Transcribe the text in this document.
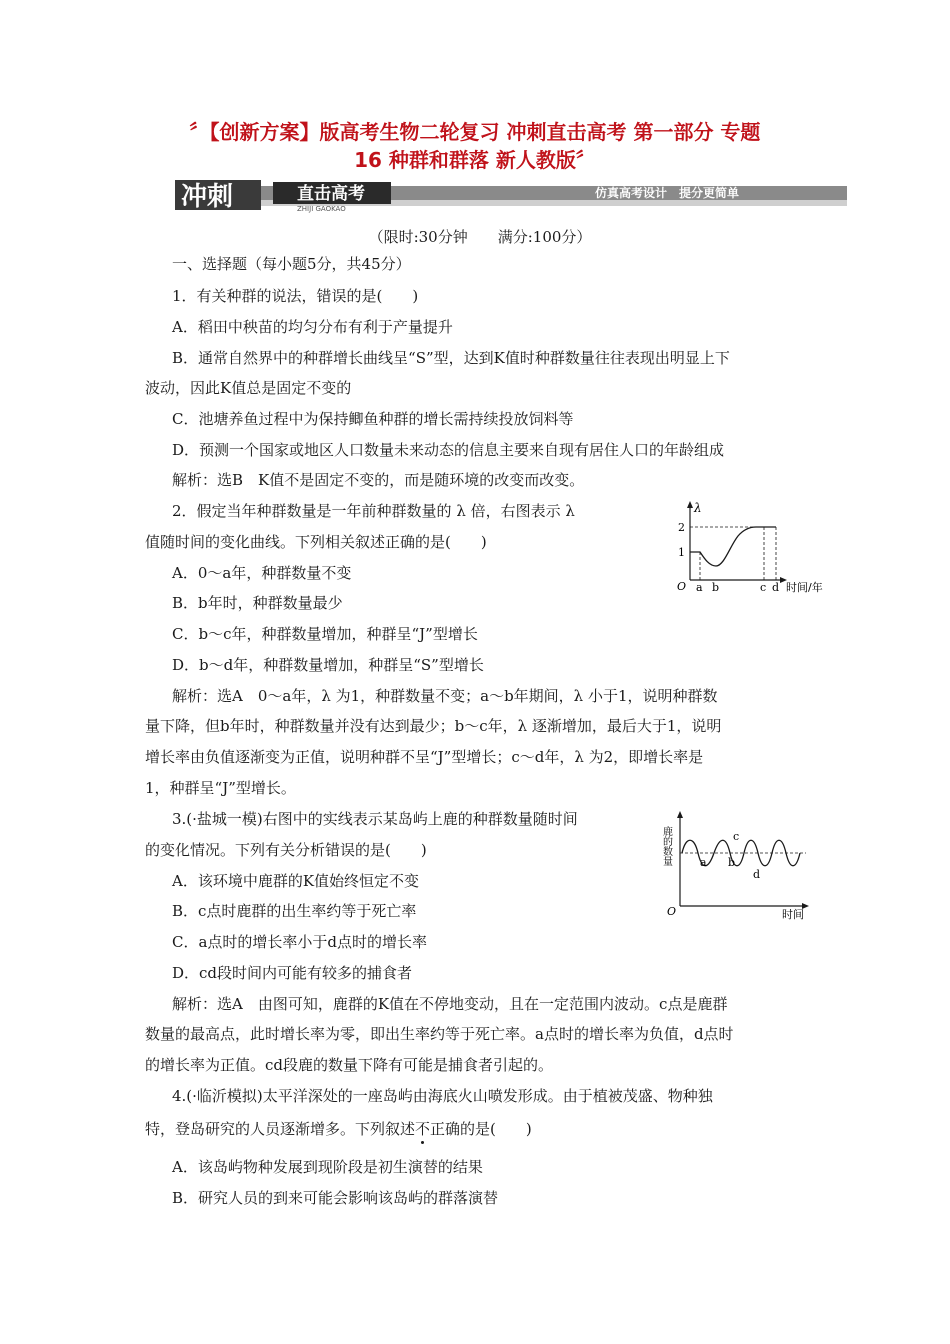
〞【创新方案】版高考生物二轮复习 冲刺直击高考 第一部分 专题
16 种群和群落 新人教版〞
冲刺	直击高考
ZHIJI GAOKAO
仿真高考设计　提分更简单
（限时:30分钟　　满分:100分）
一、选择题（每小题5分，共45分）
1．有关种群的说法，错误的是(　　)
A．稻田中秧苗的均匀分布有利于产量提升
B．通常自然界中的种群增长曲线呈“S”型，达到K值时种群数量往往表现出明显上下
波动，因此K值总是固定不变的
C．池塘养鱼过程中为保持鲫鱼种群的增长需持续投放饲料等
D．预测一个国家或地区人口数量未来动态的信息主要来自现有居住人口的年龄组成
解析：选B　K值不是固定不变的，而是随环境的改变而改变。
2．假定当年种群数量是一年前种群数量的 λ 倍，右图表示 λ
值随时间的变化曲线。下列相关叙述正确的是(　　)
A．0～a年，种群数量不变
B．b年时，种群数量最少
C．b～c年，种群数量增加，种群呈“J”型增长
D．b～d年，种群数量增加，种群呈“S”型增长
解析：选A　0～a年，λ 为1，种群数量不变；a～b年期间，λ 小于1，说明种群数
量下降，但b年时，种群数量并没有达到最少；b～c年，λ 逐渐增加，最后大于1，说明
增长率由负值逐渐变为正值，说明种群不呈“J”型增长；c～d年，λ 为2，即增长率是
1，种群呈“J”型增长。
λ
2
1
O a b	c d 时间/年
3.(·盐城一模)右图中的实线表示某岛屿上鹿的种群数量随时间
的变化情况。下列有关分析错误的是(　　)
A．该环境中鹿群的K值始终恒定不变
B．c点时鹿群的出生率约等于死亡率
C．a点时的增长率小于d点时的增长率
D．cd段时间内可能有较多的捕食者
解析：选A　由图可知，鹿群的K值在不停地变动，且在一定范围内波动。c点是鹿群
数量的最高点，此时增长率为零，即出生率约等于死亡率。a点时的增长率为负值，d点时
的增长率为正值。cd段鹿的数量下降有可能是捕食者引起的。
鹿的数量
O	时间
a b
c
d
4.(·临沂模拟)太平洋深处的一座岛屿由海底火山喷发形成。由于植被茂盛、物种独
特，登岛研究的人员逐渐增多。下列叙述不正确的是(　　)
A．该岛屿物种发展到现阶段是初生演替的结果
B．研究人员的到来可能会影响该岛屿的群落演替
